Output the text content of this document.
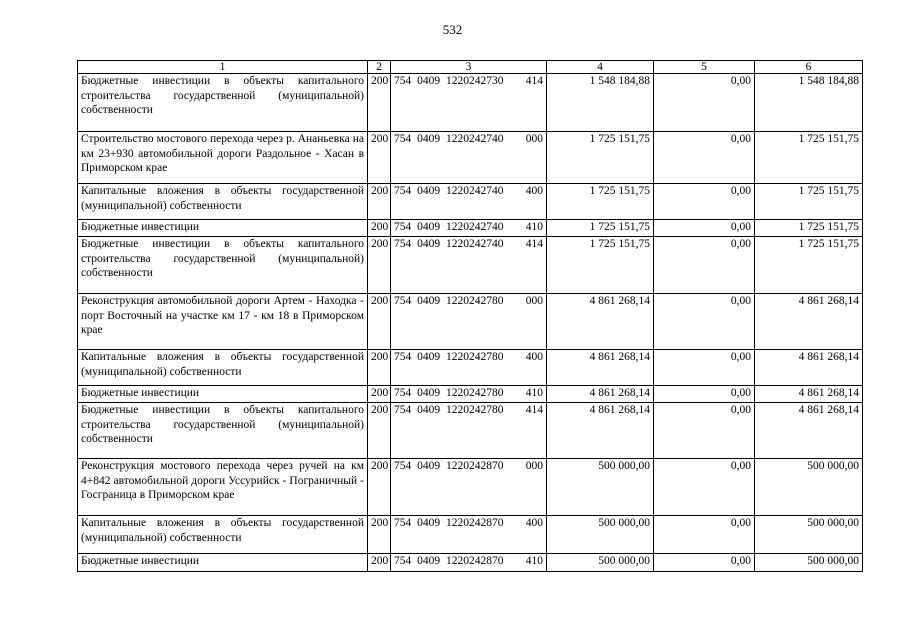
532
1	2	3	4	5	6
Бюджетные инвестиции в объекты капитального строительства государственной (муниципальной) собственности	200	754 0409 1220242730 414	1 548 184,88	0,00	1 548 184,88
Строительство мостового перехода через р. Ананьевка на км 23+930 автомобильной дороги Раздольное - Хасан в Приморском крае	200	754 0409 1220242740 000	1 725 151,75	0,00	1 725 151,75
Капитальные вложения в объекты государственной (муниципальной) собственности	200	754 0409 1220242740 400	1 725 151,75	0,00	1 725 151,75
Бюджетные инвестиции	200	754 0409 1220242740 410	1 725 151,75	0,00	1 725 151,75
Бюджетные инвестиции в объекты капитального строительства государственной (муниципальной) собственности	200	754 0409 1220242740 414	1 725 151,75	0,00	1 725 151,75
Реконструкция автомобильной дороги Артем - Находка - порт Восточный на участке км 17 - км 18 в Приморском крае	200	754 0409 1220242780 000	4 861 268,14	0,00	4 861 268,14
Капитальные вложения в объекты государственной (муниципальной) собственности	200	754 0409 1220242780 400	4 861 268,14	0,00	4 861 268,14
Бюджетные инвестиции	200	754 0409 1220242780 410	4 861 268,14	0,00	4 861 268,14
Бюджетные инвестиции в объекты капитального строительства государственной (муниципальной) собственности	200	754 0409 1220242780 414	4 861 268,14	0,00	4 861 268,14
Реконструкция мостового перехода через ручей на км 4+842 автомобильной дороги Уссурийск - Пограничный - Госграница в Приморском крае	200	754 0409 1220242870 000	500 000,00	0,00	500 000,00
Капитальные вложения в объекты государственной (муниципальной) собственности	200	754 0409 1220242870 400	500 000,00	0,00	500 000,00
Бюджетные инвестиции	200	754 0409 1220242870 410	500 000,00	0,00	500 000,00
